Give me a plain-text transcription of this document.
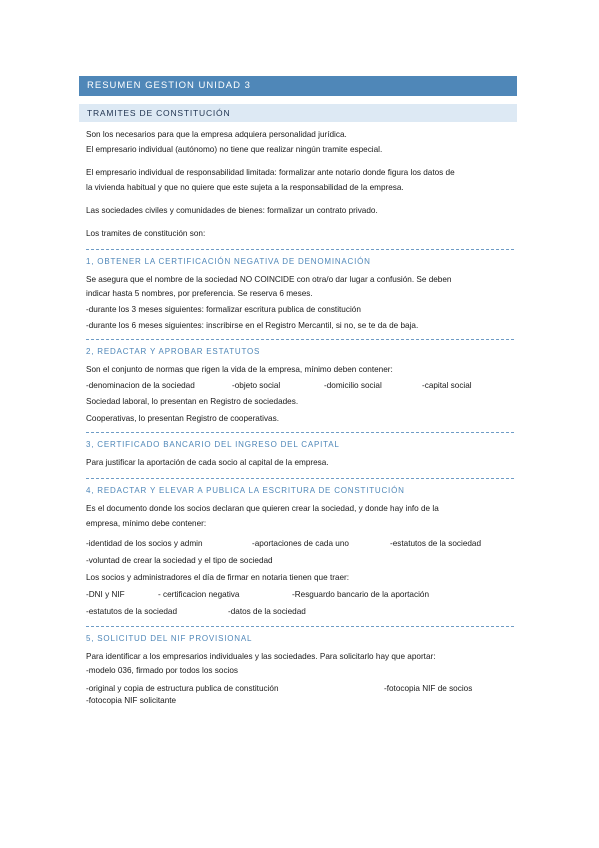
RESUMEN GESTION UNIDAD 3
TRAMITES DE CONSTITUCIÓN

Son los necesarios para que la empresa adquiera personalidad jurídica.

El empresario individual (autónomo) no tiene que realizar ningún tramite especial.

El empresario individual de responsabilidad limitada: formalizar ante notario donde figura los datos de

la vivienda habitual y que no quiere que este sujeta a la responsabilidad de la empresa.

Las sociedades civiles y comunidades de bienes: formalizar un contrato privado.

Los tramites de constitución son:

1, OBTENER LA CERTIFICACIÓN NEGATIVA DE DENOMINACIÓN

Se asegura que el nombre de la sociedad NO COINCIDE con otra/o dar lugar a confusión. Se deben

indicar hasta 5 nombres, por preferencia. Se reserva 6 meses.

-durante los 3 meses siguientes: formalizar escritura publica de constitución

-durante los 6 meses siguientes: inscribirse en el Registro Mercantil, si no, se te da de baja.

2, REDACTAR Y APROBAR ESTATUTOS

Son el conjunto de normas que rigen la vida de la empresa, mínimo deben contener:

-denominacion de la sociedad	-objeto social	-domicilio social	-capital social

Sociedad laboral, lo presentan en Registro de sociedades.

Cooperativas, lo presentan Registro de cooperativas.

3, CERTIFICADO BANCARIO DEL INGRESO DEL CAPITAL

Para justificar la aportación de cada socio al capital de la empresa.

4, REDACTAR Y ELEVAR A PUBLICA LA ESCRITURA DE CONSTITUCIÓN

Es el documento donde los socios declaran que quieren crear la sociedad, y donde hay info de la

empresa, mínimo debe contener:

-identidad de los socios y admin	-aportaciones de cada uno	-estatutos de la sociedad

-voluntad de crear la sociedad y el tipo de sociedad

Los socios y administradores el día de firmar en notaria tienen que traer:

-DNI y NIF	- certificacion negativa	-Resguardo bancario de la aportación
-estatutos de la sociedad	-datos de la sociedad
5, SOLICITUD DEL NIF PROVISIONAL

Para identificar a los empresarios individuales y las sociedades. Para solicitarlo hay que aportar:

-modelo 036, firmado por todos los socios

-original y copia de estructura publica de constitución	-fotocopia NIF de socios

-fotocopia NIF solicitante
